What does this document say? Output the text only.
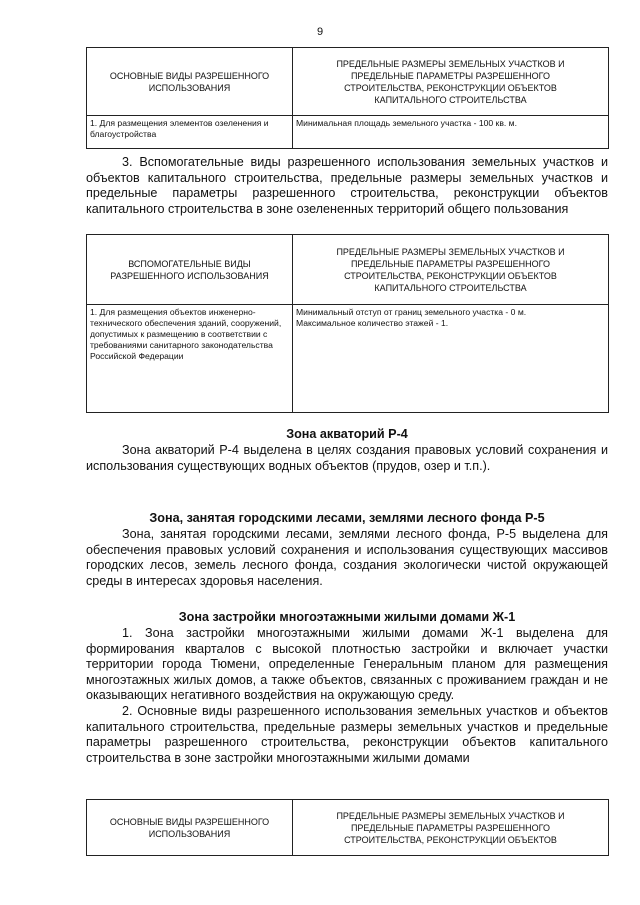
9
ОСНОВНЫЕ ВИДЫ РАЗРЕШЕННОГО ИСПОЛЬЗОВАНИЯ	ПРЕДЕЛЬНЫЕ РАЗМЕРЫ ЗЕМЕЛЬНЫХ УЧАСТКОВ И ПРЕДЕЛЬНЫЕ ПАРАМЕТРЫ РАЗРЕШЕННОГО СТРОИТЕЛЬСТВА, РЕКОНСТРУКЦИИ ОБЪЕКТОВ КАПИТАЛЬНОГО СТРОИТЕЛЬСТВА
1. Для размещения элементов озеленения и благоустройства	Минимальная площадь земельного участка - 100 кв. м.

3. Вспомогательные виды разрешенного использования земельных участков и объектов капитального строительства, предельные размеры земельных участков и предельные параметры разрешенного строительства, реконструкции объектов капитального строительства в зоне озелененных территорий общего пользования

ВСПОМОГАТЕЛЬНЫЕ ВИДЫ РАЗРЕШЕННОГО ИСПОЛЬЗОВАНИЯ	ПРЕДЕЛЬНЫЕ РАЗМЕРЫ ЗЕМЕЛЬНЫХ УЧАСТКОВ И ПРЕДЕЛЬНЫЕ ПАРАМЕТРЫ РАЗРЕШЕННОГО СТРОИТЕЛЬСТВА, РЕКОНСТРУКЦИИ ОБЪЕКТОВ КАПИТАЛЬНОГО СТРОИТЕЛЬСТВА
1. Для размещения объектов инженерно-технического обеспечения зданий, сооружений, допустимых к размещению в соответствии с требованиями санитарного законодательства Российской Федерации	Минимальный отступ от границ земельного участка - 0 м.
Максимальное количество этажей - 1.
Зона акваторий Р-4

Зона акваторий Р-4 выделена в целях создания правовых условий сохранения и использования существующих водных объектов (прудов, озер и т.п.).

Зона, занятая городскими лесами, землями лесного фонда Р-5

Зона, занятая городскими лесами, землями лесного фонда, Р-5 выделена для обеспечения правовых условий сохранения и использования существующих массивов городских лесов, земель лесного фонда, создания экологически чистой окружающей среды в интересах здоровья населения.

Зона застройки многоэтажными жилыми домами Ж-1

1. Зона застройки многоэтажными жилыми домами Ж-1 выделена для формирования кварталов с высокой плотностью застройки и включает участки территории города Тюмени, определенные Генеральным планом для размещения многоэтажных жилых домов, а также объектов, связанных с проживанием граждан и не оказывающих негативного воздействия на окружающую среду.

2. Основные виды разрешенного использования земельных участков и объектов капитального строительства, предельные размеры земельных участков и предельные параметры разрешенного строительства, реконструкции объектов капитального строительства в зоне застройки многоэтажными жилыми домами

ОСНОВНЫЕ ВИДЫ РАЗРЕШЕННОГО ИСПОЛЬЗОВАНИЯ	ПРЕДЕЛЬНЫЕ РАЗМЕРЫ ЗЕМЕЛЬНЫХ УЧАСТКОВ И ПРЕДЕЛЬНЫЕ ПАРАМЕТРЫ РАЗРЕШЕННОГО СТРОИТЕЛЬСТВА, РЕКОНСТРУКЦИИ ОБЪЕКТОВ
